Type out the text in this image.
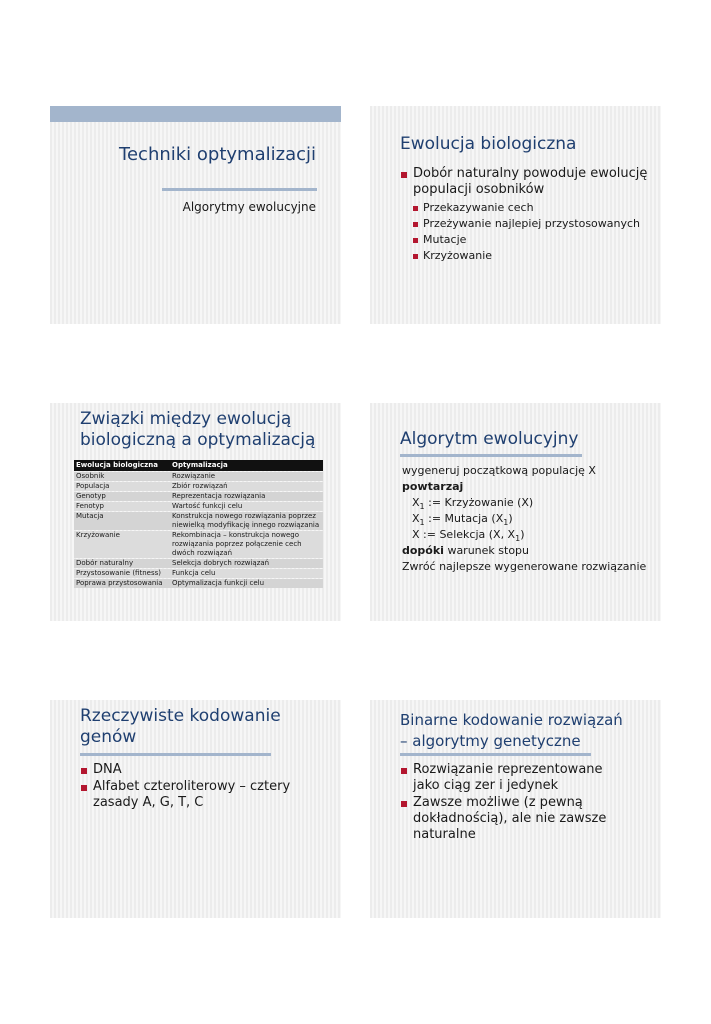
Techniki optymalizacji
Algorytmy ewolucyjne
Ewolucja biologiczna
Dobór naturalny powoduje ewolucję populacji osobników
Przekazywanie cech
Przeżywanie najlepiej przystosowanych
Mutacje
Krzyżowanie
Związki między ewolucją
biologiczną a optymalizacją
Ewolucja biologiczna	Optymalizacja
Osobnik	Rozwiązanie
Populacja	Zbiór rozwiązań
Genotyp	Reprezentacja rozwiązania
Fenotyp	Wartość funkcji celu
Mutacja	Konstrukcja nowego rozwiązania poprzez niewielką modyfikację innego rozwiązania
Krzyżowanie	Rekombinacja – konstrukcja nowego rozwiązania poprzez połączenie cech dwóch rozwiązań
Dobór naturalny	Selekcja dobrych rozwiązań
Przystosowanie (fitness)	Funkcja celu
Poprawa przystosowania	Optymalizacja funkcji celu
Algorytm ewolucyjny
wygeneruj początkową populację X
powtarzaj
$X_1$ := Krzyżowanie (X)
$X_1$ := Mutacja $(X_1)$
X := Selekcja (X, $X_1$)
dopóki warunek stopu
Zwróć najlepsze wygenerowane rozwiązanie
Rzeczywiste kodowanie
genów
DNA
Alfabet czteroliterowy – cztery zasady A, G, T, C
Binarne kodowanie rozwiązań
– algorytmy genetyczne
Rozwiązanie reprezentowane jako ciąg zer i jedynek
Zawsze możliwe (z pewną dokładnością), ale nie zawsze naturalne
